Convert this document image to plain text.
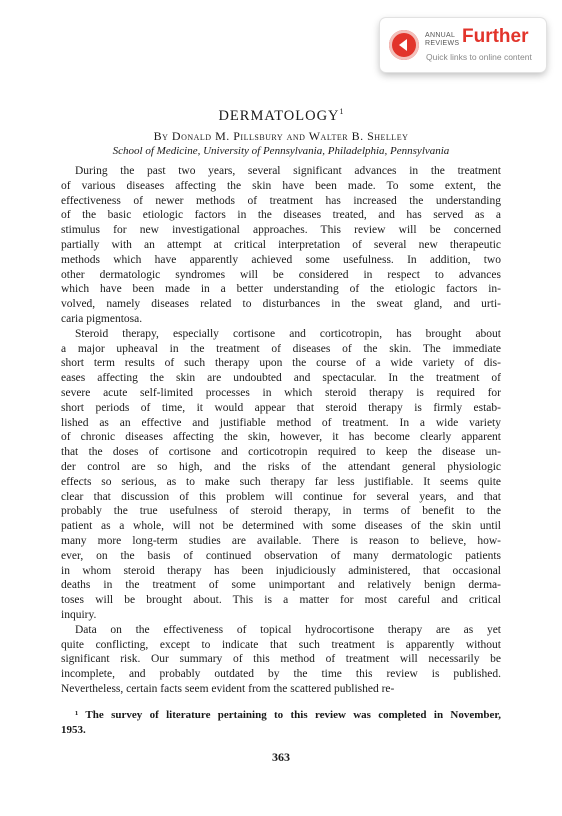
ANNUAL
REVIEWS Further
Quick links to online content
DERMATOLOGY$^1$
By Donald M. Pillsbury and Walter B. Shelley
School of Medicine, University of Pennsylvania, Philadelphia, Pennsylvania
During the past two years, several significant advances in the treatment
of various diseases affecting the skin have been made. To some extent, the
effectiveness of newer methods of treatment has increased the understanding
of the basic etiologic factors in the diseases treated, and has served as a
stimulus for new investigational approaches. This review will be concerned
partially with an attempt at critical interpretation of several new therapeutic
methods which have apparently achieved some usefulness. In addition, two
other dermatologic syndromes will be considered in respect to advances
which have been made in a better understanding of the etiologic factors in-
volved, namely diseases related to disturbances in the sweat gland, and urti-
caria pigmentosa.
Steroid therapy, especially cortisone and corticotropin, has brought about
a major upheaval in the treatment of diseases of the skin. The immediate
short term results of such therapy upon the course of a wide variety of dis-
eases affecting the skin are undoubted and spectacular. In the treatment of
severe acute self-limited processes in which steroid therapy is required for
short periods of time, it would appear that steroid therapy is firmly estab-
lished as an effective and justifiable method of treatment. In a wide variety
of chronic diseases affecting the skin, however, it has become clearly apparent
that the doses of cortisone and corticotropin required to keep the disease un-
der control are so high, and the risks of the attendant general physiologic
effects so serious, as to make such therapy far less justifiable. It seems quite
clear that discussion of this problem will continue for several years, and that
probably the true usefulness of steroid therapy, in terms of benefit to the
patient as a whole, will not be determined with some diseases of the skin until
many more long-term studies are available. There is reason to believe, how-
ever, on the basis of continued observation of many dermatologic patients
in whom steroid therapy has been injudiciously administered, that occasional
deaths in the treatment of some unimportant and relatively benign derma-
toses will be brought about. This is a matter for most careful and critical
inquiry.
Data on the effectiveness of topical hydrocortisone therapy are as yet
quite conflicting, except to indicate that such treatment is apparently without
significant risk. Our summary of this method of treatment will necessarily be
incomplete, and probably outdated by the time this review is published.
Nevertheless, certain facts seem evident from the scattered published re-
¹ The survey of literature pertaining to this review was completed in November,
1953.
363
